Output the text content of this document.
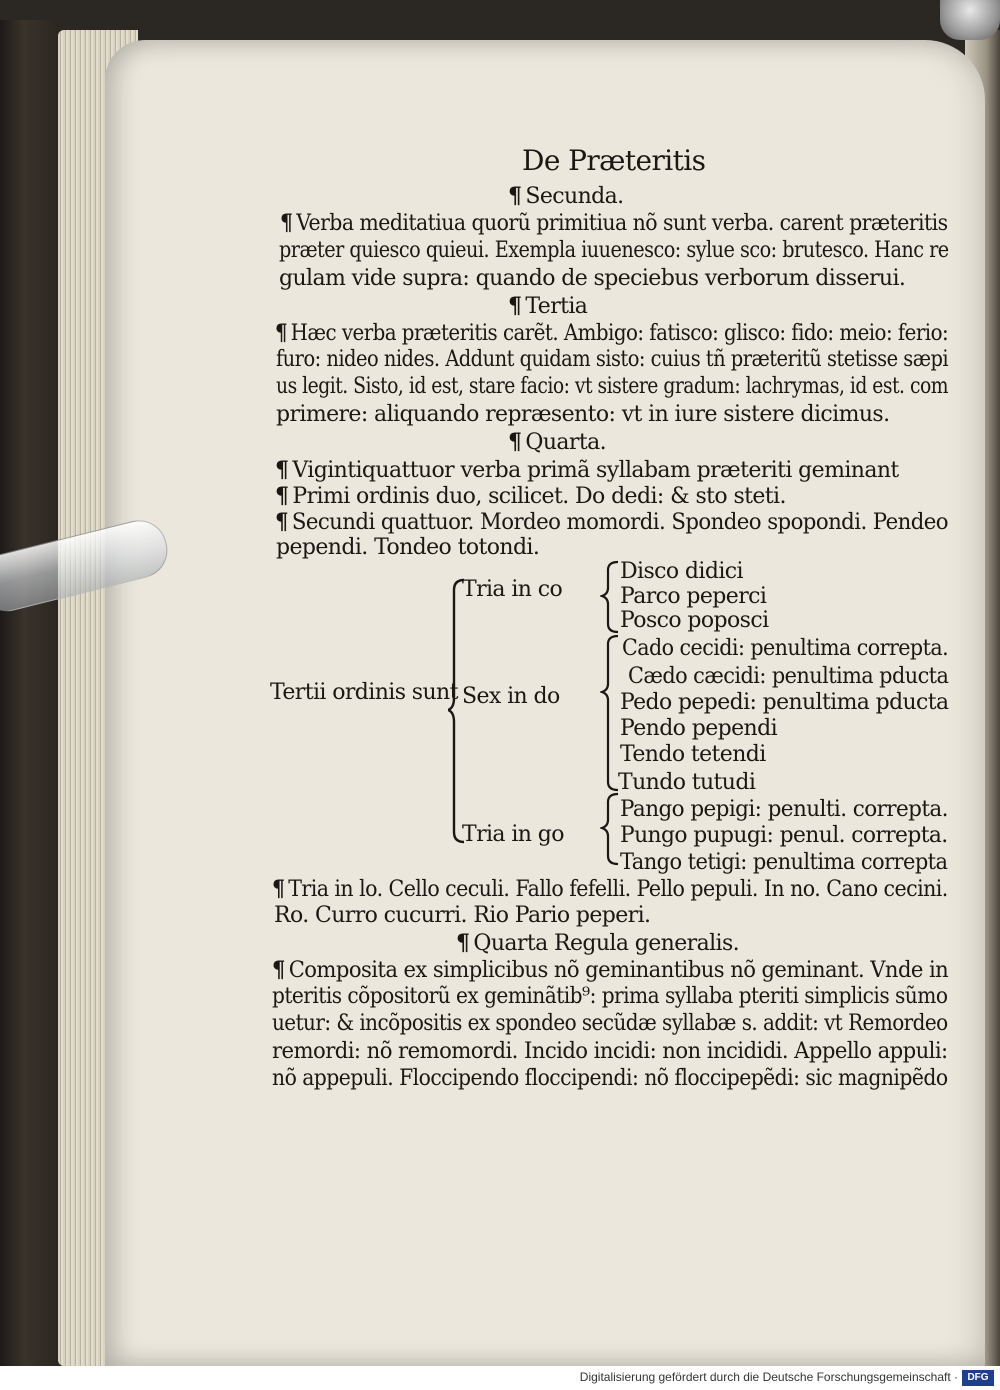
De Præteritis
¶ Secunda.
¶ Verba meditatiua quorũ primitiua nõ sunt verba. carent præteritis
præter quiesco quieui. Exempla iuuenesco: sylue sco: brutesco. Hanc re
gulam vide supra: quando de speciebus verborum disserui.
¶ Tertia
¶ Hæc verba præteritis carẽt. Ambigo: fatisco: glisco: fido: meio: ferio:
furo: nideo nides. Addunt quidam sisto: cuius tñ præteritũ stetisse sæpi
us legit. Sisto, id est, stare facio: vt sistere gradum: lachrymas, id est. com
primere: aliquando repræsento: vt in iure sistere dicimus.
¶ Quarta.
¶ Vigintiquattuor verba primã syllabam præteriti geminant
¶ Primi ordinis duo, scilicet. Do dedi: & sto steti.
¶ Secundi quattuor. Mordeo momordi. Spondeo spopondi. Pendeo
pependi. Tondeo totondi.
Tertii ordinis sunt
Tria in co
Sex in do
Tria in go
Disco didici
Parco peperci
Posco poposci
Cado cecidi: penultima correpta.
Cædo cæcidi: penultima pducta
Pedo pepedi: penultima pducta
Pendo pependi
Tendo tetendi
Tundo tutudi
Pango pepigi: penulti. correpta.
Pungo pupugi: penul. correpta.
Tango tetigi: penultima correpta
¶ Tria in lo. Cello ceculi. Fallo fefelli. Pello pepuli. In no. Cano cecini.
Ro. Curro cucurri. Rio Pario peperi.
¶ Quarta Regula generalis.
¶ Composita ex simplicibus nõ geminantibus nõ geminant. Vnde in
pteritis cõpositorũ ex geminãtib⁹: prima syllaba pteriti simplicis sũmo
uetur: & incõpositis ex spondeo secũdæ syllabæ s. addit: vt Remordeo
remordi: nõ remomordi. Incido incidi: non incididi. Appello appuli:
nõ appepuli. Floccipendo floccipendi: nõ floccipepẽdi: sic magnipẽdo
Digitalisierung gefördert durch die Deutsche Forschungsgemeinschaft · DFG
